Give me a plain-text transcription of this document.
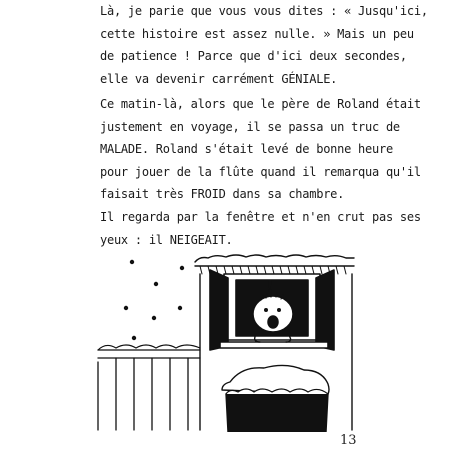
Là, je parie que vous vous dites : « Jusqu'ici,
cette histoire est assez nulle. » Mais un peu
de patience ! Parce que d'ici deux secondes,
elle va devenir carrément GÉNIALE.

Ce matin-là, alors que le père de Roland était
justement en voyage, il se passa un truc de
MALADE. Roland s'était levé de bonne heure
pour jouer de la flûte quand il remarqua qu'il
faisait très FROID dans sa chambre.

Il regarda par la fenêtre et n'en crut pas ses
yeux : il NEIGEAIT.

!
13
